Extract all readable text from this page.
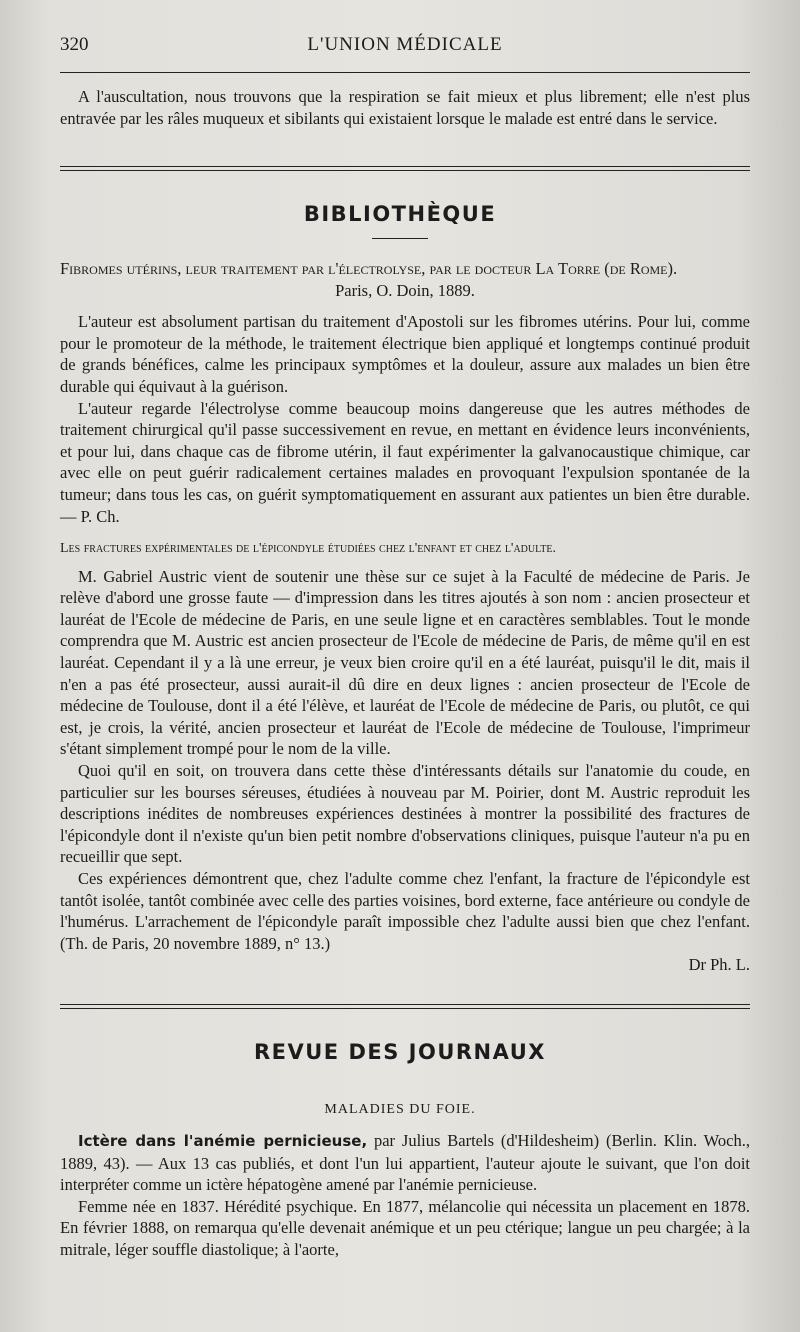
320	L'UNION MÉDICALE

A l'auscultation, nous trouvons que la respiration se fait mieux et plus librement; elle n'est plus entravée par les râles muqueux et sibilants qui existaient lorsque le malade est entré dans le service.

BIBLIOTHÈQUE

Fibromes utérins, leur traitement par l'électrolyse, par le docteur La Torre (de Rome).

Paris, O. Doin, 1889.

L'auteur est absolument partisan du traitement d'Apostoli sur les fibromes utérins. Pour lui, comme pour le promoteur de la méthode, le traitement électrique bien appliqué et longtemps continué produit de grands bénéfices, calme les principaux symptômes et la douleur, assure aux malades un bien être durable qui équivaut à la guérison.

L'auteur regarde l'électrolyse comme beaucoup moins dangereuse que les autres méthodes de traitement chirurgical qu'il passe successivement en revue, en mettant en évidence leurs inconvénients, et pour lui, dans chaque cas de fibrome utérin, il faut expérimenter la galvanocaustique chimique, car avec elle on peut guérir radicalement certaines malades en provoquant l'expulsion spontanée de la tumeur; dans tous les cas, on guérit symptomatiquement en assurant aux patientes un bien être durable. — P. Ch.

Les fractures expérimentales de l'épicondyle étudiées chez l'enfant et chez l'adulte.

M. Gabriel Austric vient de soutenir une thèse sur ce sujet à la Faculté de médecine de Paris. Je relève d'abord une grosse faute — d'impression dans les titres ajoutés à son nom : ancien prosecteur et lauréat de l'Ecole de médecine de Paris, en une seule ligne et en caractères semblables. Tout le monde comprendra que M. Austric est ancien prosecteur de l'Ecole de médecine de Paris, de même qu'il en est lauréat. Cependant il y a là une erreur, je veux bien croire qu'il en a été lauréat, puisqu'il le dit, mais il n'en a pas été prosecteur, aussi aurait-il dû dire en deux lignes : ancien prosecteur de l'Ecole de médecine de Toulouse, dont il a été l'élève, et lauréat de l'Ecole de médecine de Paris, ou plutôt, ce qui est, je crois, la vérité, ancien prosecteur et lauréat de l'Ecole de médecine de Toulouse, l'imprimeur s'étant simplement trompé pour le nom de la ville.

Quoi qu'il en soit, on trouvera dans cette thèse d'intéressants détails sur l'anatomie du coude, en particulier sur les bourses séreuses, étudiées à nouveau par M. Poirier, dont M. Austric reproduit les descriptions inédites de nombreuses expériences destinées à montrer la possibilité des fractures de l'épicondyle dont il n'existe qu'un bien petit nombre d'observations cliniques, puisque l'auteur n'a pu en recueillir que sept.

Ces expériences démontrent que, chez l'adulte comme chez l'enfant, la fracture de l'épicondyle est tantôt isolée, tantôt combinée avec celle des parties voisines, bord externe, face antérieure ou condyle de l'humérus. L'arrachement de l'épicondyle paraît impossible chez l'adulte aussi bien que chez l'enfant. (Th. de Paris, 20 novembre 1889, n° 13.)

Dr Ph. L.
REVUE DES JOURNAUX
MALADIES DU FOIE.

Ictère dans l'anémie pernicieuse, par Julius Bartels (d'Hildesheim) (Berlin. Klin. Woch., 1889, 43). — Aux 13 cas publiés, et dont l'un lui appartient, l'auteur ajoute le suivant, que l'on doit interpréter comme un ictère hépatogène amené par l'anémie pernicieuse.

Femme née en 1837. Hérédité psychique. En 1877, mélancolie qui nécessita un placement en 1878. En février 1888, on remarqua qu'elle devenait anémique et un peu ctérique; langue un peu chargée; à la mitrale, léger souffle diastolique; à l'aorte,
